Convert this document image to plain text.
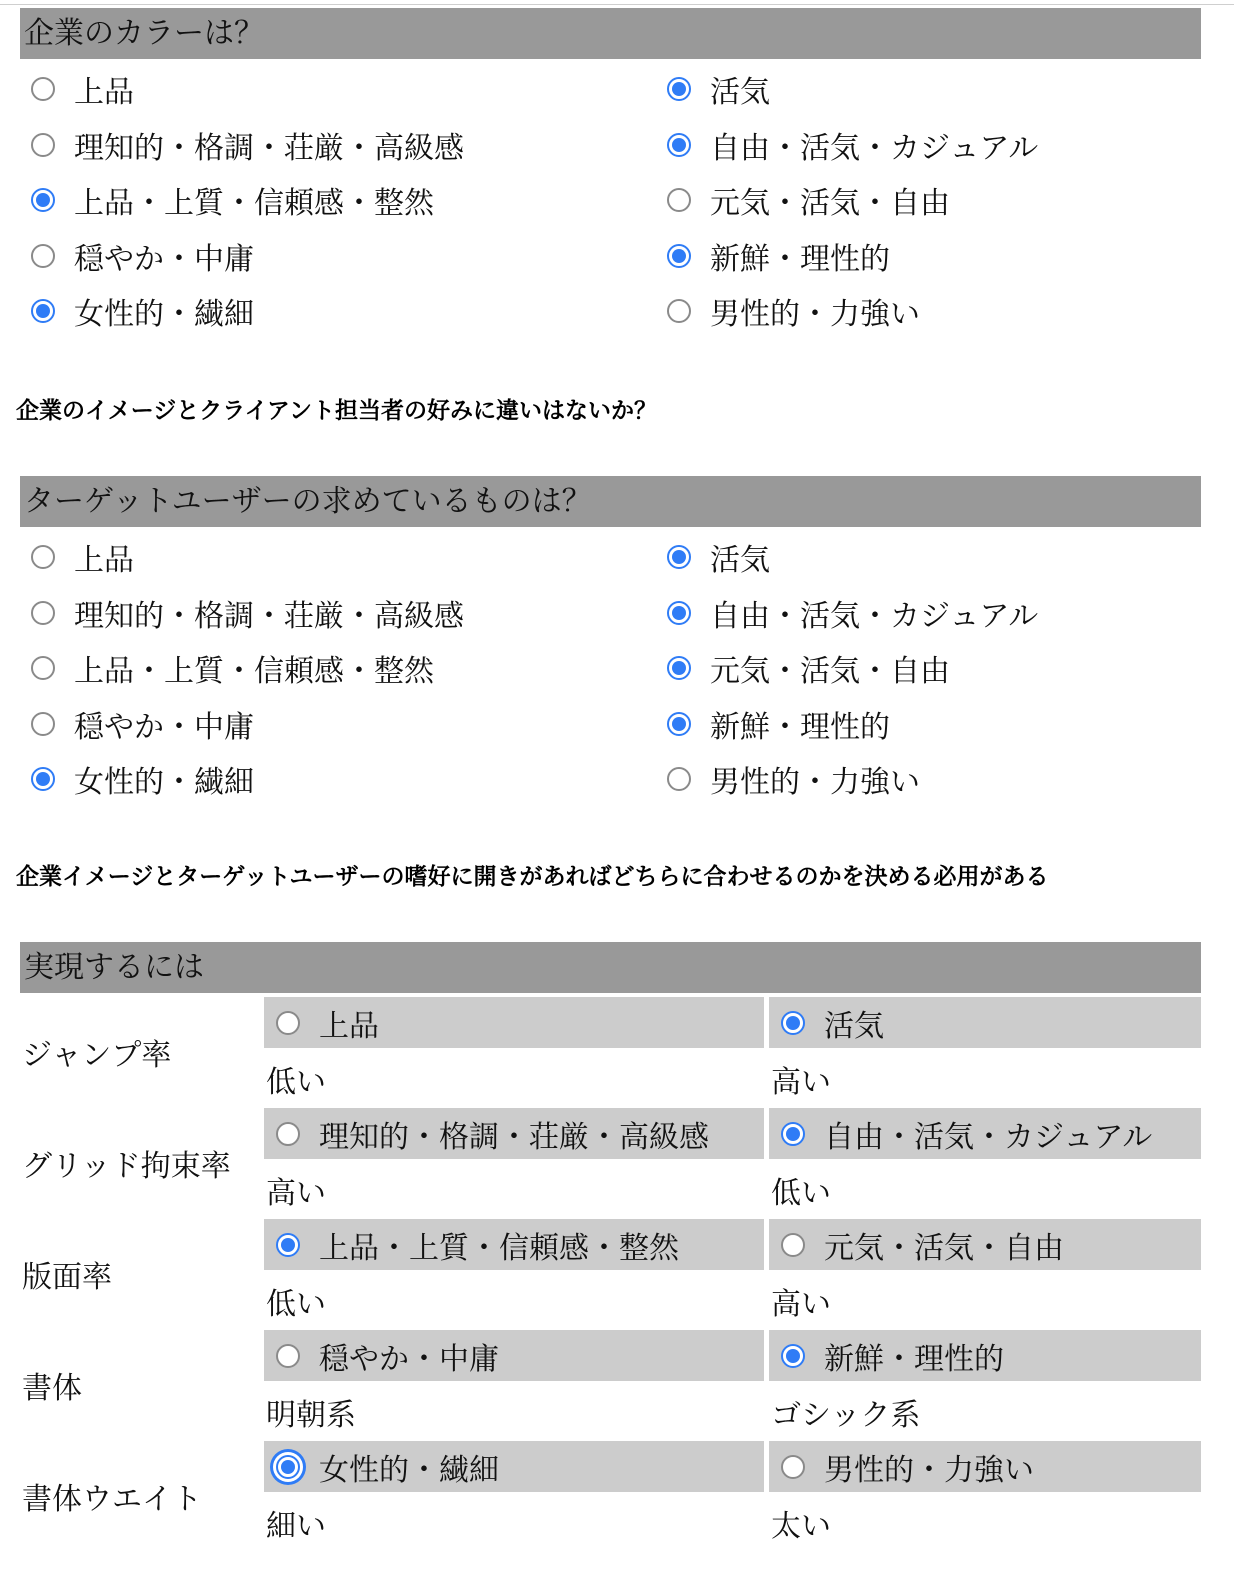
企業のカラーは？
上品
理知的・格調・荘厳・高級感
上品・上質・信頼感・整然
穏やか・中庸
女性的・繊細
活気
自由・活気・カジュアル
元気・活気・自由
新鮮・理性的
男性的・力強い
企業のイメージとクライアント担当者の好みに違いはないか？
ターゲットユーザーの求めているものは？
上品
理知的・格調・荘厳・高級感
上品・上質・信頼感・整然
穏やか・中庸
女性的・繊細
活気
自由・活気・カジュアル
元気・活気・自由
新鮮・理性的
男性的・力強い
企業イメージとターゲットユーザーの嗜好に開きがあればどちらに合わせるのかを決める必用がある
実現するには
ジャンプ率
上品
低い
活気
高い
グリッド拘束率
理知的・格調・荘厳・高級感
高い
自由・活気・カジュアル
低い
版面率
上品・上質・信頼感・整然
低い
元気・活気・自由
高い
書体
穏やか・中庸
明朝系
新鮮・理性的
ゴシック系
書体ウエイト
女性的・繊細
細い
男性的・力強い
太い
